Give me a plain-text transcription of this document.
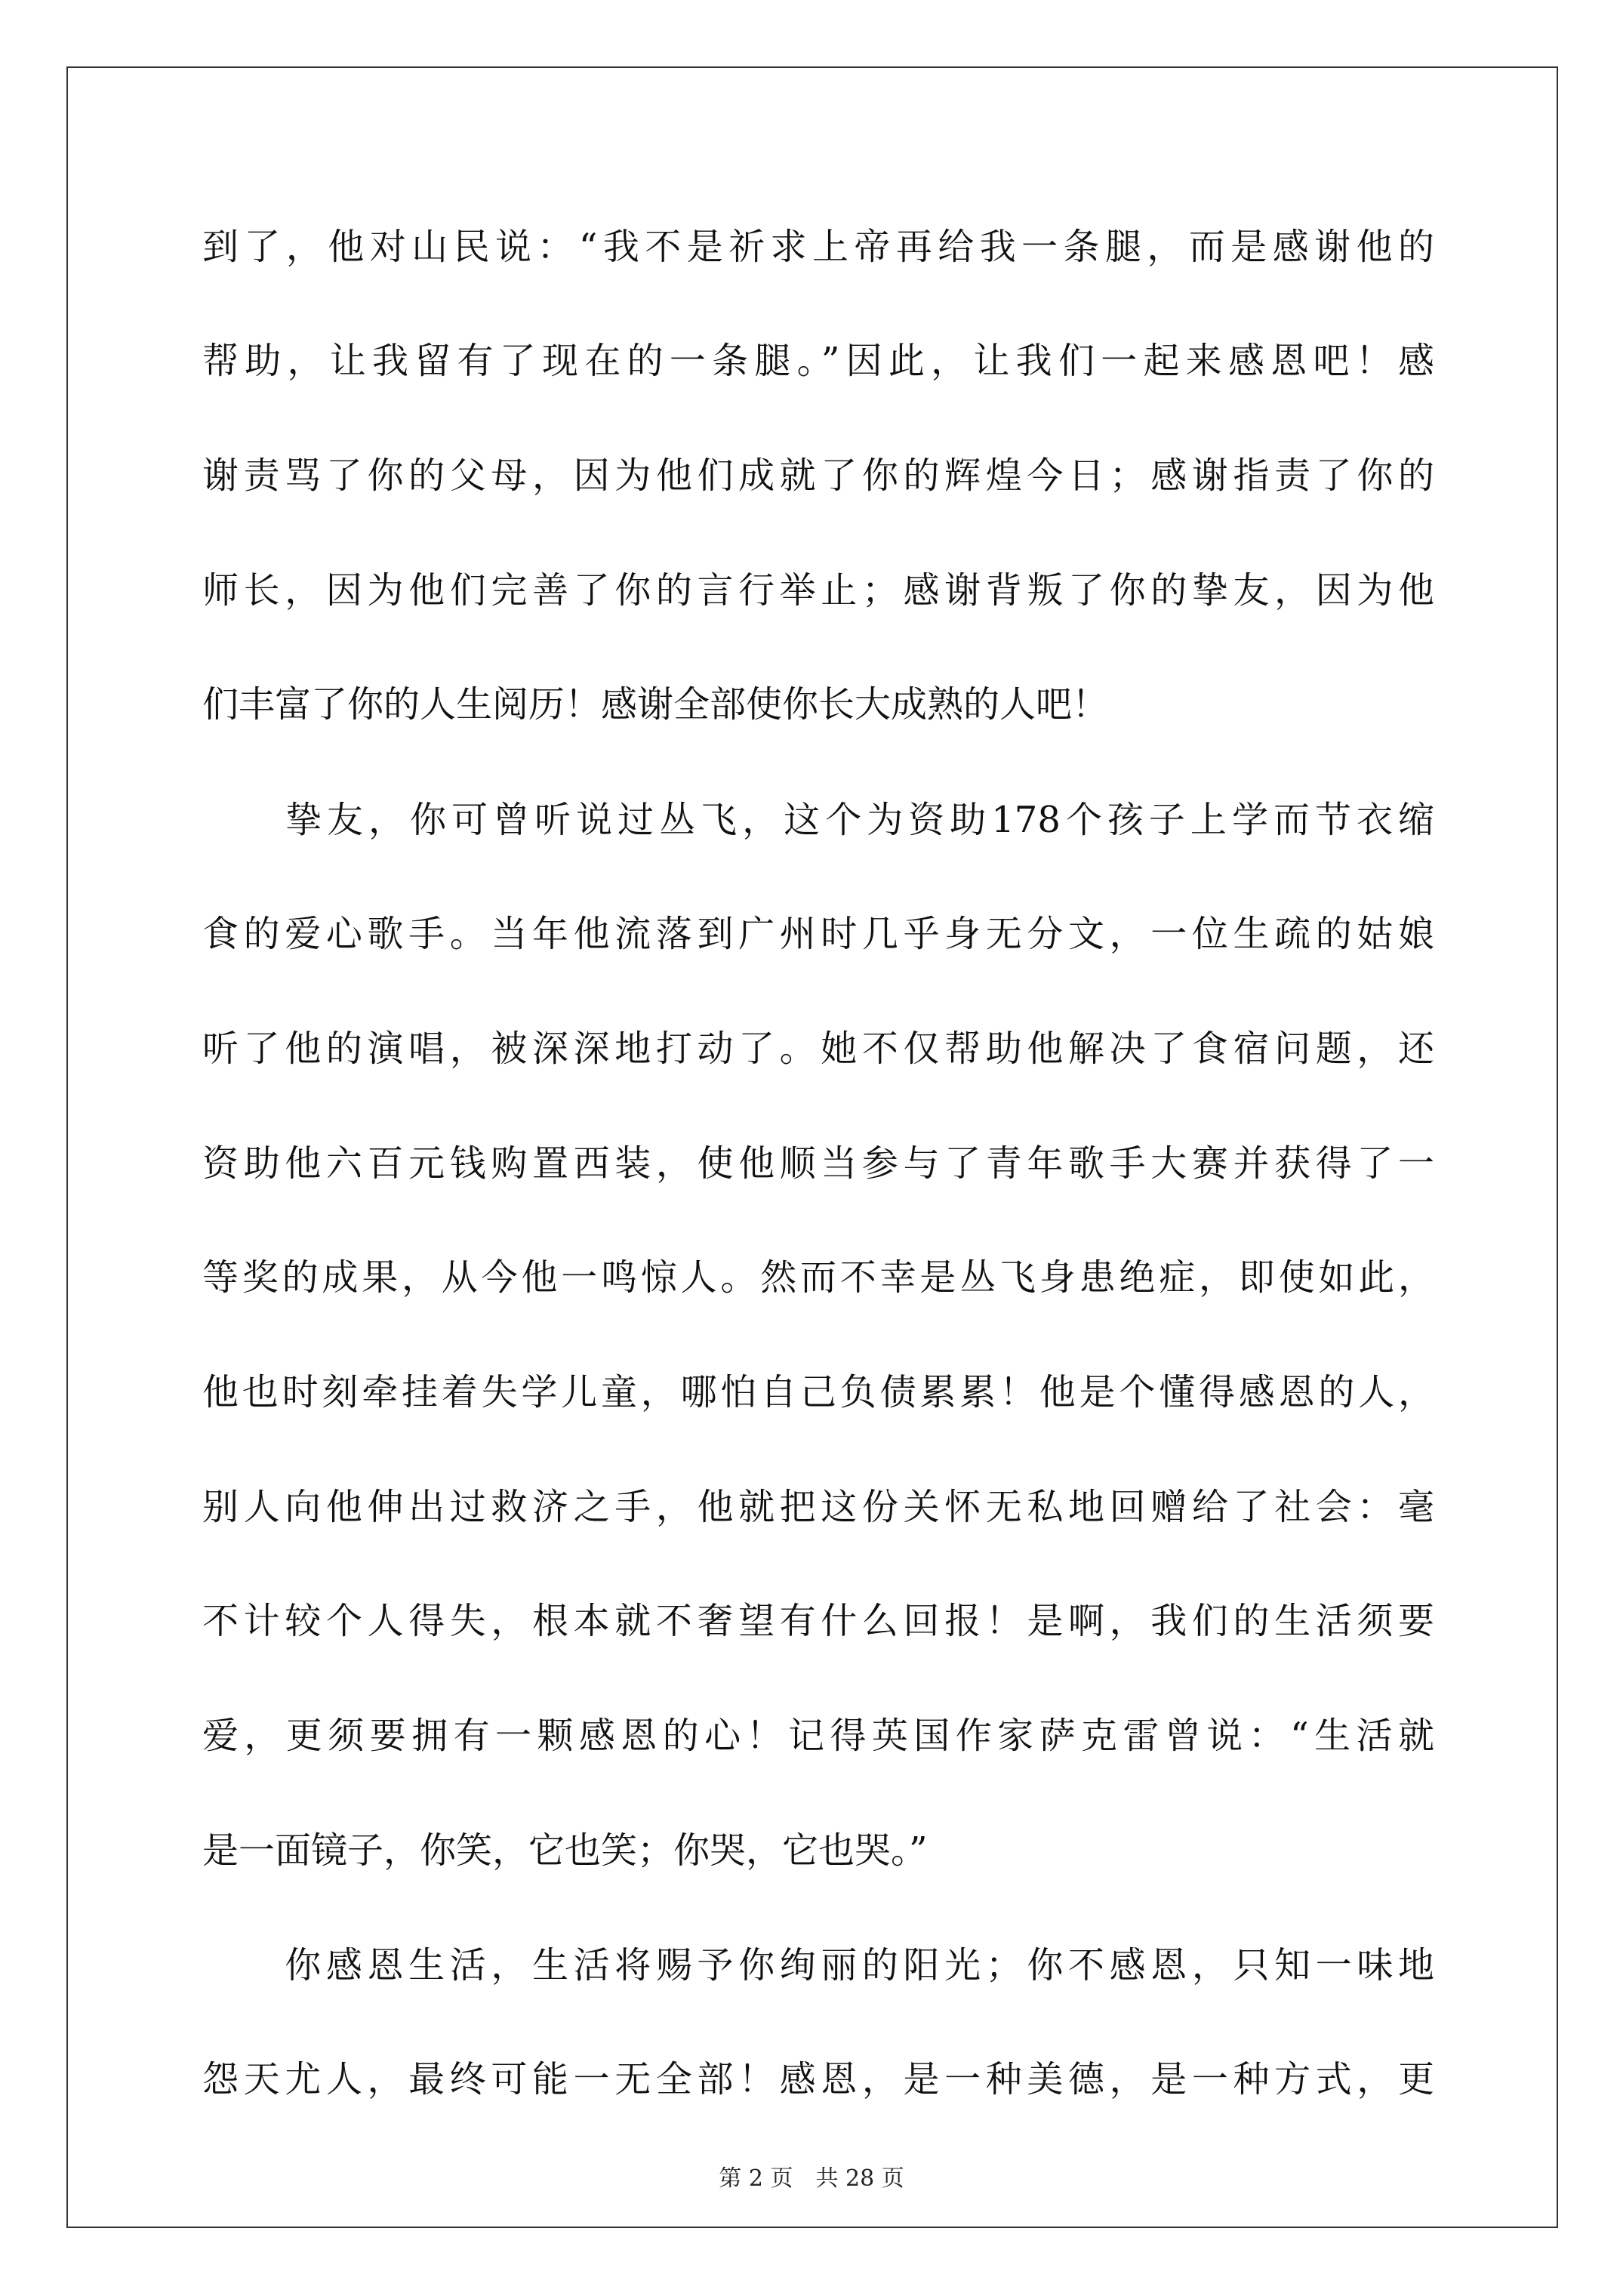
到了，他对山民说：“我不是祈求上帝再给我一条腿，而是感谢他的
帮助，让我留有了现在的一条腿。”因此，让我们一起来感恩吧！感
谢责骂了你的父母，因为他们成就了你的辉煌今日；感谢指责了你的
师长，因为他们完善了你的言行举止；感谢背叛了你的挚友，因为他
们丰富了你的人生阅历！感谢全部使你长大成熟的人吧！
　　挚友，你可曾听说过丛飞，这个为资助178个孩子上学而节衣缩
食的爱心歌手。当年他流落到广州时几乎身无分文，一位生疏的姑娘
听了他的演唱，被深深地打动了。她不仅帮助他解决了食宿问题，还
资助他六百元钱购置西装，使他顺当参与了青年歌手大赛并获得了一
等奖的成果，从今他一鸣惊人。然而不幸是丛飞身患绝症，即使如此，
他也时刻牵挂着失学儿童，哪怕自己负债累累！他是个懂得感恩的人，
别人向他伸出过救济之手，他就把这份关怀无私地回赠给了社会：毫
不计较个人得失，根本就不奢望有什么回报！是啊，我们的生活须要
爱，更须要拥有一颗感恩的心！记得英国作家萨克雷曾说：“生活就
是一面镜子，你笑，它也笑；你哭，它也哭。”
　　你感恩生活，生活将赐予你绚丽的阳光；你不感恩，只知一味地
怨天尤人，最终可能一无全部！感恩，是一种美德，是一种方式，更
第 2 页　共 28 页
